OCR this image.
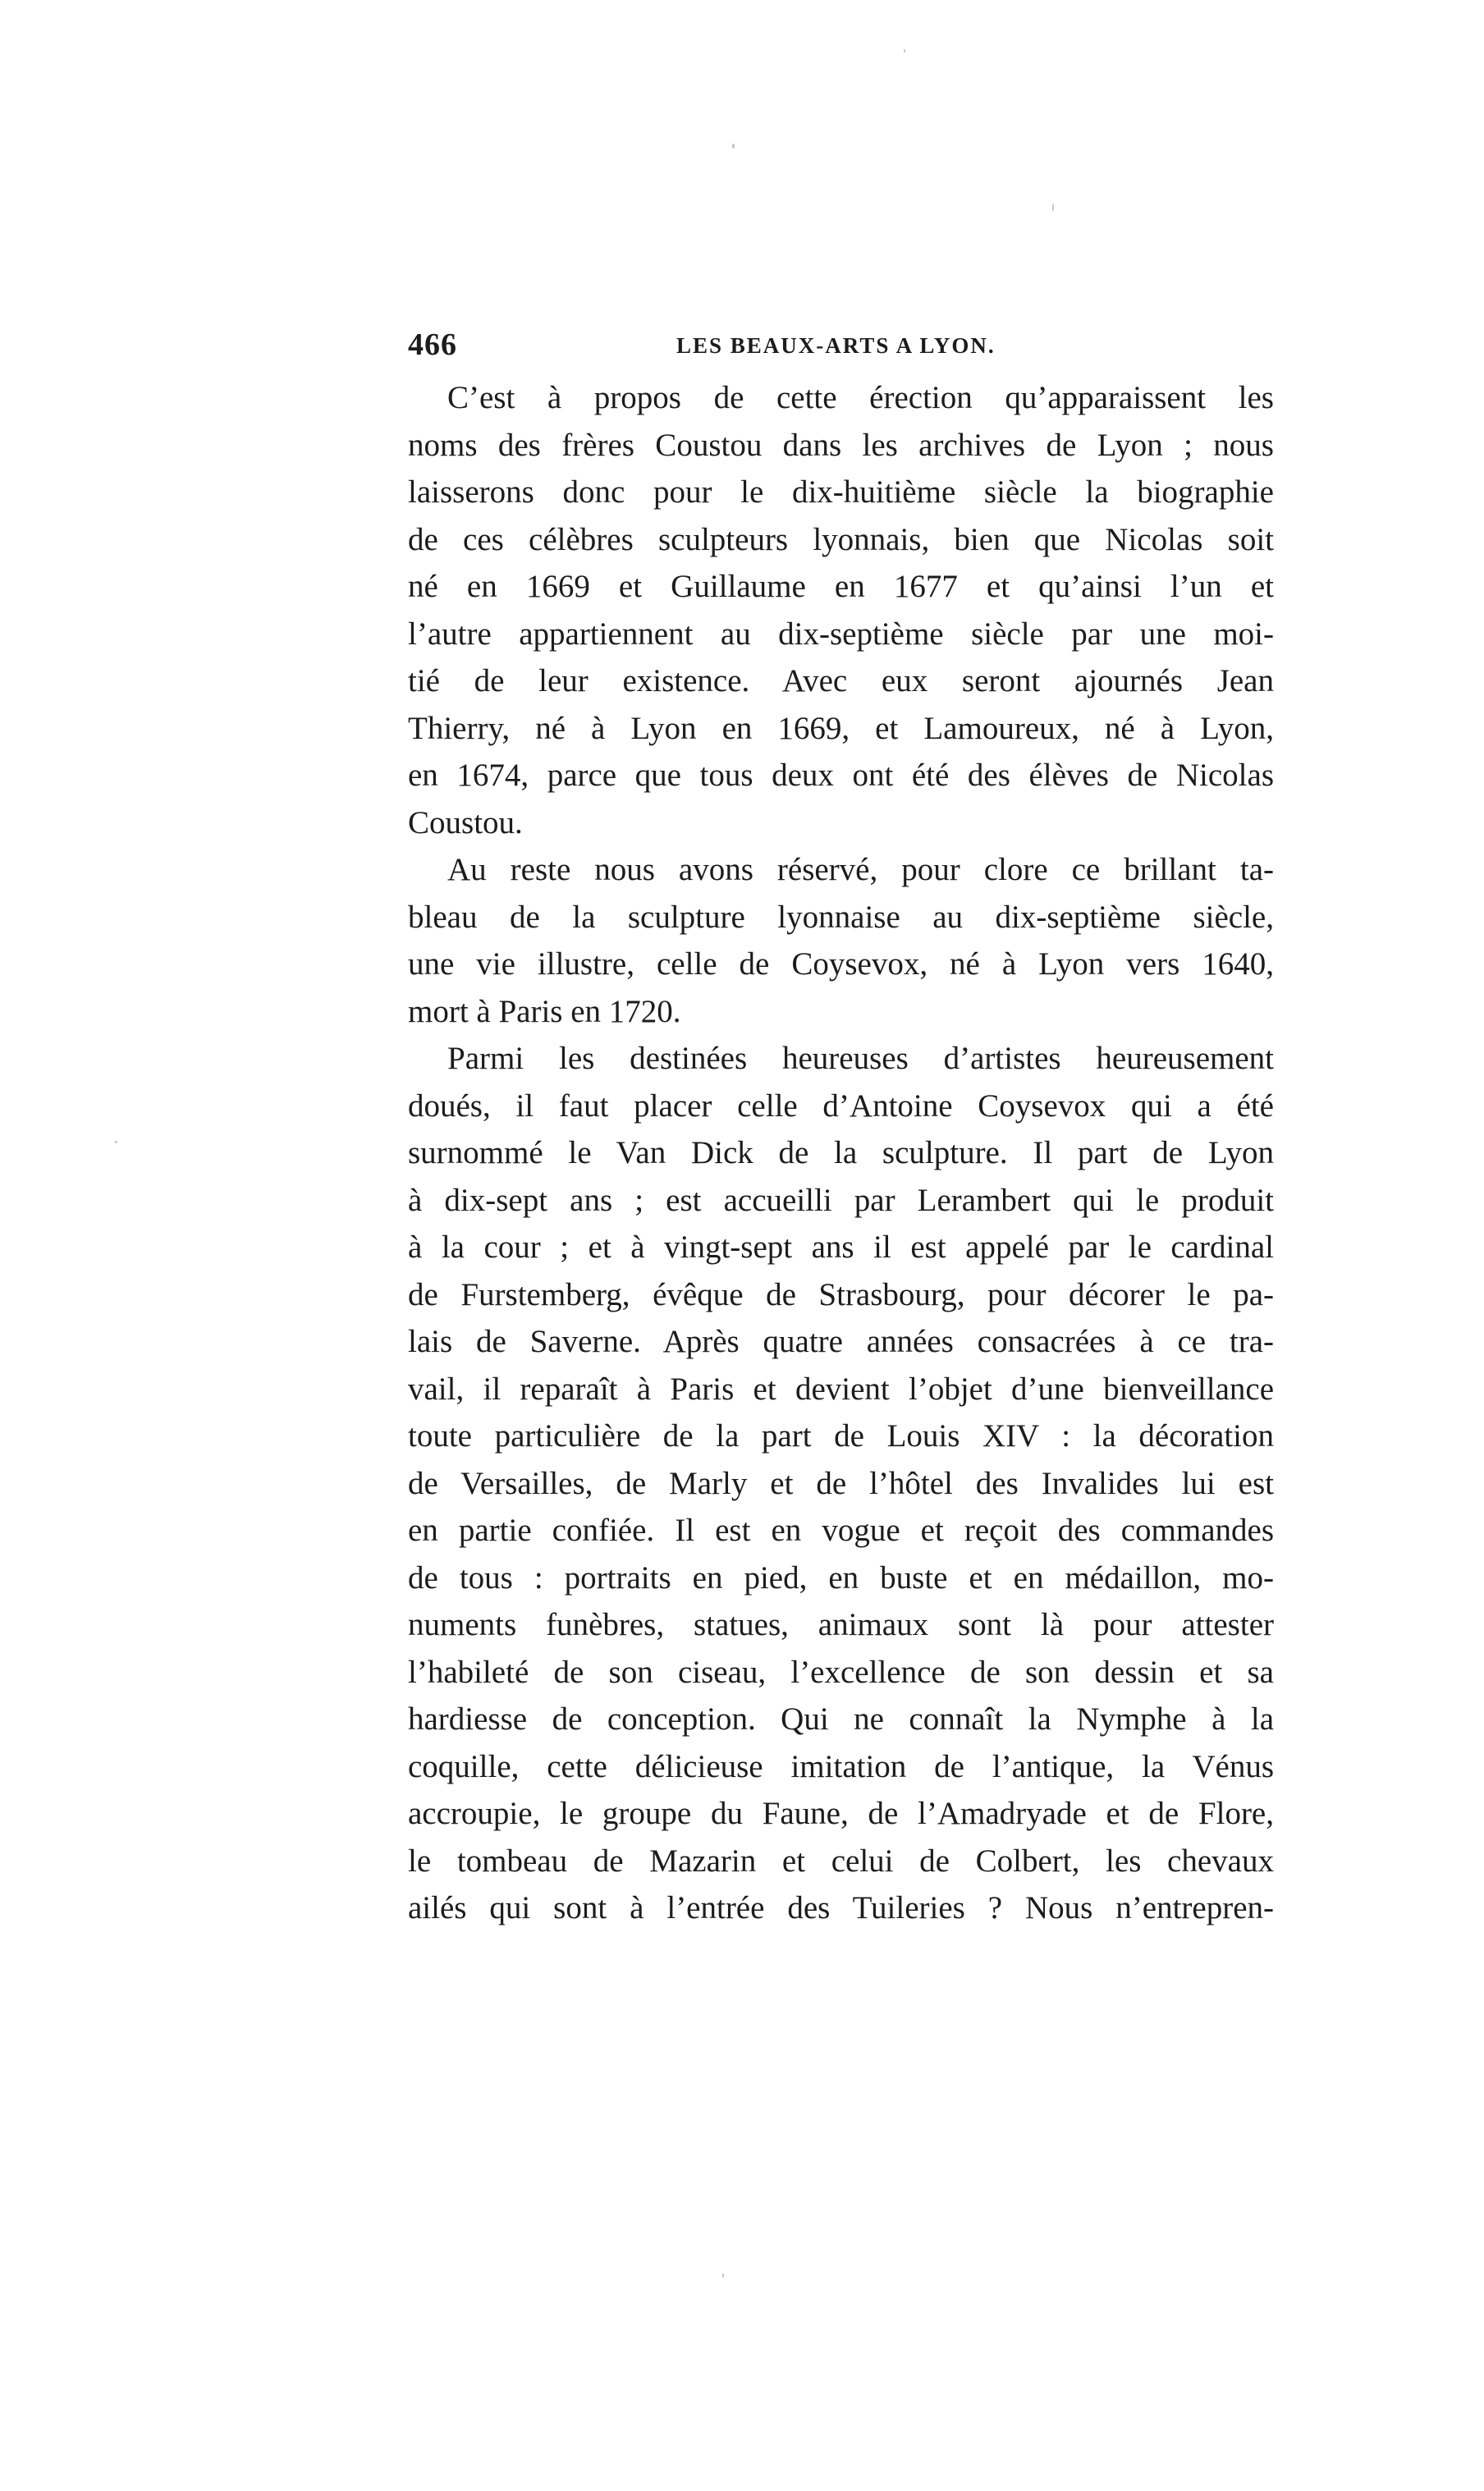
466	LES BEAUX-ARTS A LYON.
C’est à propos de cette érection qu’apparaissent les
noms des frères Coustou dans les archives de Lyon ; nous
laisserons donc pour le dix-huitième siècle la biographie
de ces célèbres sculpteurs lyonnais, bien que Nicolas soit
né en 1669 et Guillaume en 1677 et qu’ainsi l’un et
l’autre appartiennent au dix-septième siècle par une moi-
tié de leur existence. Avec eux seront ajournés Jean
Thierry, né à Lyon en 1669, et Lamoureux, né à Lyon,
en 1674, parce que tous deux ont été des élèves de Nicolas
Coustou.
Au reste nous avons réservé, pour clore ce brillant ta-
bleau de la sculpture lyonnaise au dix-septième siècle,
une vie illustre, celle de Coysevox, né à Lyon vers 1640,
mort à Paris en 1720.
Parmi les destinées heureuses d’artistes heureusement
doués, il faut placer celle d’Antoine Coysevox qui a été
surnommé le Van Dick de la sculpture. Il part de Lyon
à dix-sept ans ; est accueilli par Lerambert qui le produit
à la cour ; et à vingt-sept ans il est appelé par le cardinal
de Furstemberg, évêque de Strasbourg, pour décorer le pa-
lais de Saverne. Après quatre années consacrées à ce tra-
vail, il reparaît à Paris et devient l’objet d’une bienveillance
toute particulière de la part de Louis XIV : la décoration
de Versailles, de Marly et de l’hôtel des Invalides lui est
en partie confiée. Il est en vogue et reçoit des commandes
de tous : portraits en pied, en buste et en médaillon, mo-
numents funèbres, statues, animaux sont là pour attester
l’habileté de son ciseau, l’excellence de son dessin et sa
hardiesse de conception. Qui ne connaît la Nymphe à la
coquille, cette délicieuse imitation de l’antique, la Vénus
accroupie, le groupe du Faune, de l’Amadryade et de Flore,
le tombeau de Mazarin et celui de Colbert, les chevaux
ailés qui sont à l’entrée des Tuileries ? Nous n’entrepren-
